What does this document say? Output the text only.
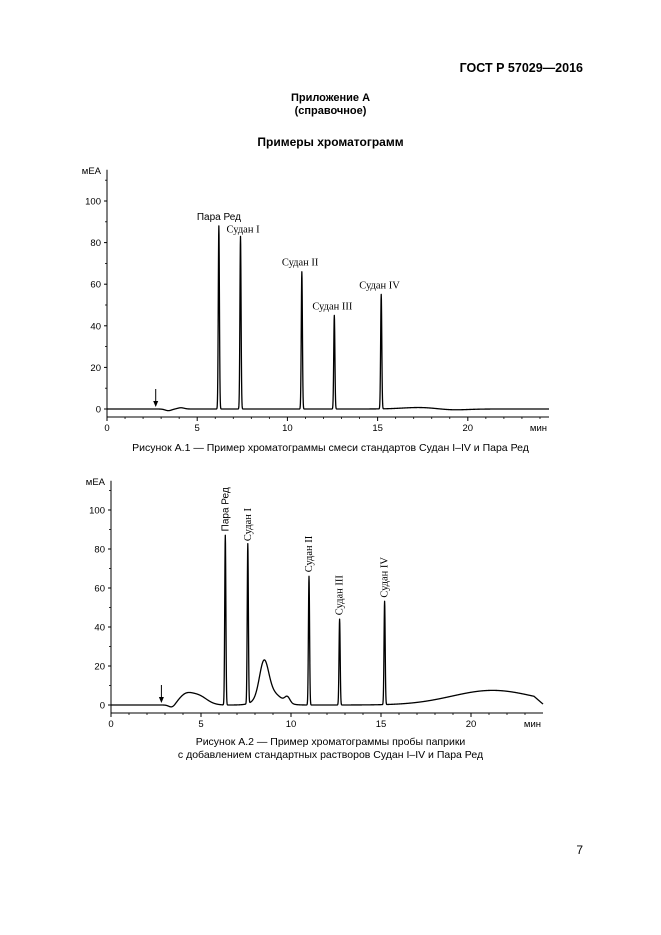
ГОСТ Р 57029—2016
Приложение А
(справочное)
Примеры хроматограмм
0
20
40
60
80
100
мЕА
0	5	10	15	20	мин
Пара Ред
Судан I
Судан II
Судан III
Судан IV
Рисунок А.1 — Пример хроматограммы смеси стандартов Судан I–IV и Пара Ред
0
20
40
60
80
100
мЕА
0	5	10	15	20	мин
Пара Ред Судан I
Судан II
Судан III	Судан IV
Рисунок А.2 — Пример хроматограммы пробы паприки
с добавлением стандартных растворов Судан I–IV и Пара Ред
7
